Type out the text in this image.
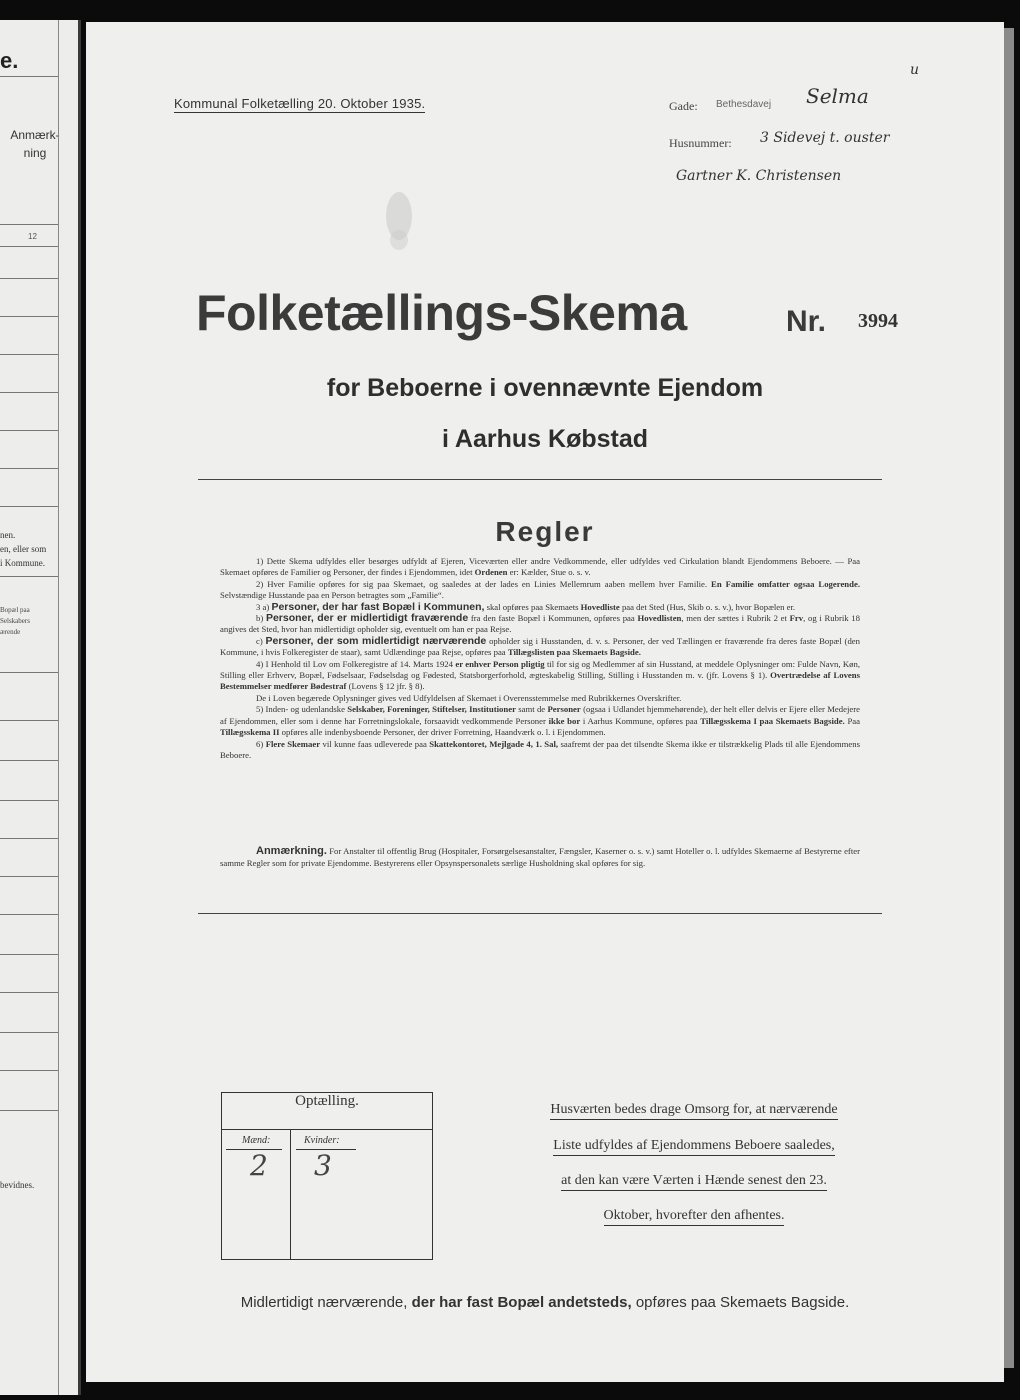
e.
Anmærk-
ning
12
nen.
en, eller som
i Kommune.
Bopæl paa
Selskabers
ærende
bevidnes.
Kommunal Folketælling 20. Oktober 1935.	Gade: Bethesdavej Selma
u
Husnummer: 3 Sidevej t. ouster
Gartner K. Christensen
Folketællings-Skema	Nr. 3994
for Beboerne i ovennævnte Ejendom
i Aarhus Købstad
Regler

1) Dette Skema udfyldes eller besørges udfyldt af Ejeren, Viceværten eller andre Vedkommende, eller udfyldes ved Cirkulation blandt Ejendommens Beboere. — Paa Skemaet opføres de Familier og Personer, der findes i Ejendommen, idet Ordenen er: Kælder, Stue o. s. v.

2) Hver Familie opføres for sig paa Skemaet, og saaledes at der lades en Linies Mellemrum aaben mellem hver Familie. En Familie omfatter ogsaa Logerende. Selvstændige Husstande paa en Person betragtes som „Familie“.

3 a) Personer, der har fast Bopæl i Kommunen, skal opføres paa Skemaets Hovedliste paa det Sted (Hus, Skib o. s. v.), hvor Bopælen er.

b) Personer, der er midlertidigt fraværende fra den faste Bopæl i Kommunen, opføres paa Hovedlisten, men der sættes i Rubrik 2 et Frv, og i Rubrik 18 angives det Sted, hvor han midlertidigt opholder sig, eventuelt om han er paa Rejse.

c) Personer, der som midlertidigt nærværende opholder sig i Husstanden, d. v. s. Personer, der ved Tællingen er fraværende fra deres faste Bopæl (den Kommune, i hvis Folkeregister de staar), samt Udlændinge paa Rejse, opføres paa Tillægslisten paa Skemaets Bagside.

4) I Henhold til Lov om Folkeregistre af 14. Marts 1924 er enhver Person pligtig til for sig og Medlemmer af sin Husstand, at meddele Oplysninger om: Fulde Navn, Køn, Stilling eller Erhverv, Bopæl, Fødselsaar, Fødselsdag og Fødested, Statsborgerforhold, ægteskabelig Stilling, Stilling i Husstanden m. v. (jfr. Lovens § 1). Overtrædelse af Lovens Bestemmelser medfører Bødestraf (Lovens § 12 jfr. § 8).

De i Loven begærede Oplysninger gives ved Udfyldelsen af Skemaet i Overensstemmelse med Rubrikkernes Overskrifter.

5) Inden- og udenlandske Selskaber, Foreninger, Stiftelser, Institutioner samt de Personer (ogsaa i Udlandet hjemmehørende), der helt eller delvis er Ejere eller Medejere af Ejendommen, eller som i denne har Forretningslokale, forsaavidt vedkommende Personer ikke bor i Aarhus Kommune, opføres paa Tillægsskema I paa Skemaets Bagside. Paa Tillægsskema II opføres alle indenbysboende Personer, der driver Forretning, Haandværk o. l. i Ejendommen.

6) Flere Skemaer vil kunne faas udleverede paa Skattekontoret, Mejlgade 4, 1. Sal, saafremt der paa det tilsendte Skema ikke er tilstrækkelig Plads til alle Ejendommens Beboere.

Anmærkning. For Anstalter til offentlig Brug (Hospitaler, Forsørgelsesanstalter, Fængsler, Kaserner o. s. v.) samt Hoteller o. l. udfyldes Skemaerne af Bestyrerne efter samme Regler som for private Ejendomme. Bestyrerens eller Opsynspersonalets særlige Husholdning skal opføres for sig.

Optælling.
Mænd:	Kvinder:
2 3
Husværten bedes drage Omsorg for, at nærværende
Liste udfyldes af Ejendommens Beboere saaledes,
at den kan være Værten i Hænde senest den 23.
Oktober, hvorefter den afhentes.
Midlertidigt nærværende, der har fast Bopæl andetsteds, opføres paa Skemaets Bagside.
